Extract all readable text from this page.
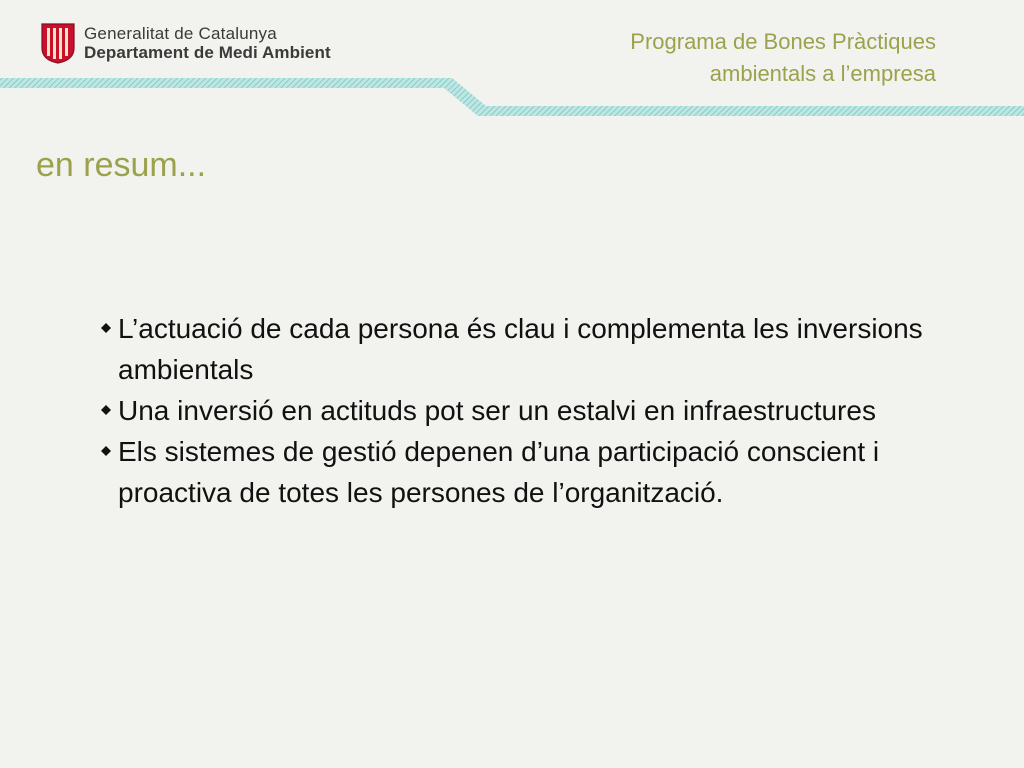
Generalitat de Catalunya
Departament de Medi Ambient	Programa de Bones Pràctiques
ambientals a l’empresa
en resum...
L’actuació de cada persona és clau i complementa les inversions ambientals
Una inversió en actituds pot ser un estalvi en infraestructures
Els sistemes de gestió depenen d’una participació conscient i proactiva de totes les persones de l’organització.
